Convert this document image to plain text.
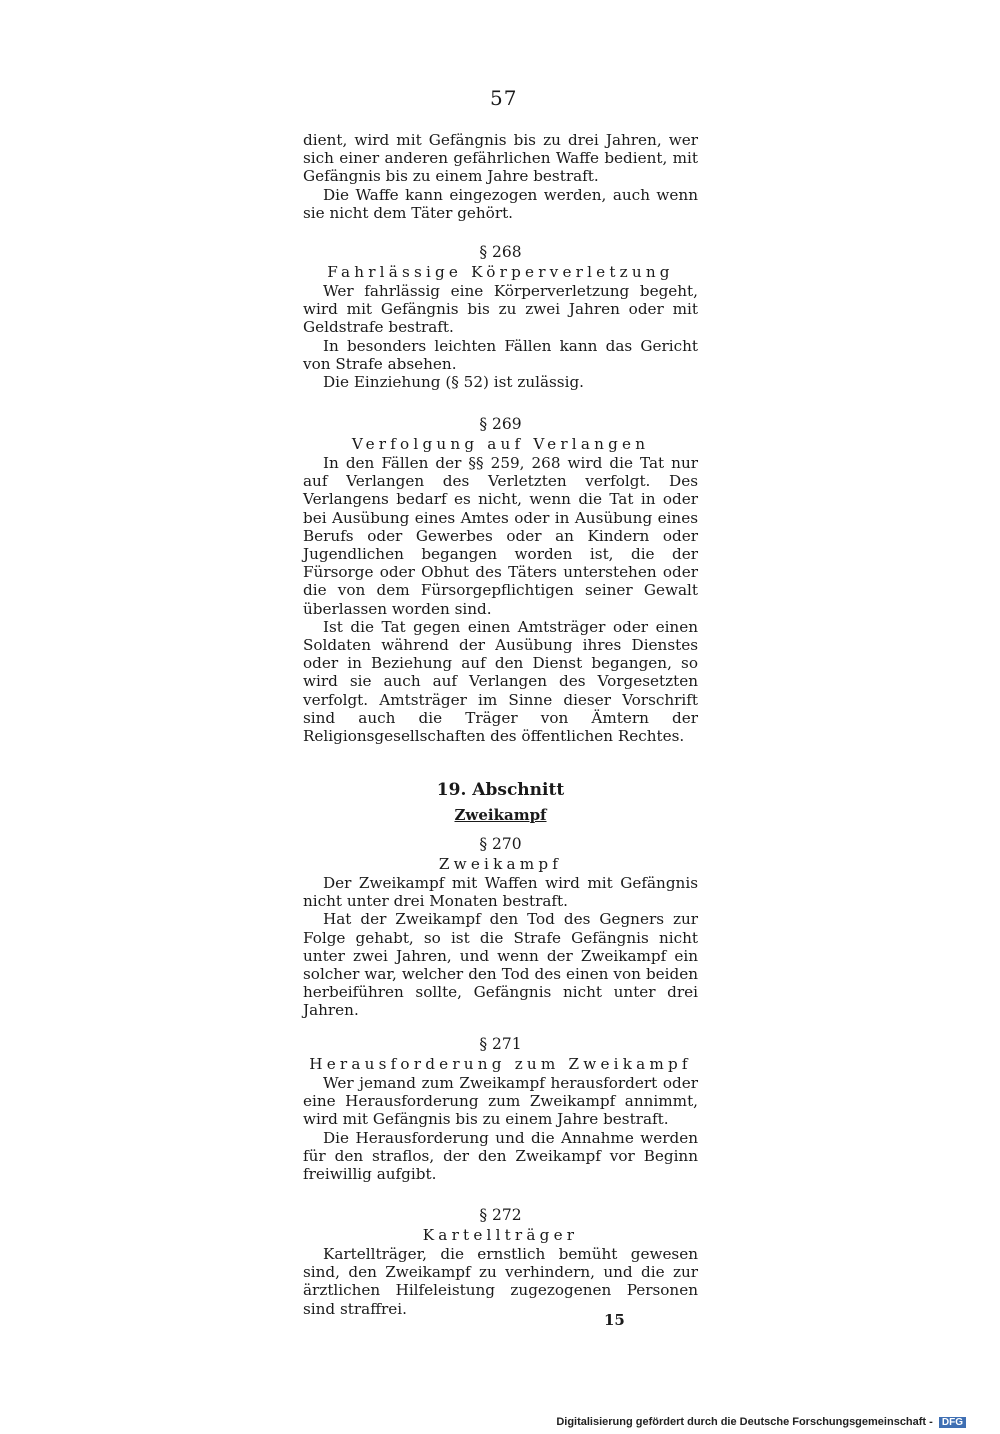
57

dient, wird mit Gefängnis bis zu drei Jahren, wer sich einer anderen gefährlichen Waffe bedient, mit Gefängnis bis zu einem Jahre bestraft.

Die Waffe kann eingezogen werden, auch wenn sie nicht dem Täter gehört.

§ 268
Fahrlässige Körperverletzung

Wer fahrlässig eine Körperverletzung begeht, wird mit Gefängnis bis zu zwei Jahren oder mit Geldstrafe bestraft.

In besonders leichten Fällen kann das Gericht von Strafe absehen.

Die Einziehung (§ 52) ist zulässig.

§ 269
Verfolgung auf Verlangen

In den Fällen der §§ 259, 268 wird die Tat nur auf Verlangen des Verletzten verfolgt. Des Verlangens bedarf es nicht, wenn die Tat in oder bei Ausübung eines Amtes oder in Ausübung eines Berufs oder Gewerbes oder an Kindern oder Jugendlichen begangen worden ist, die der Fürsorge oder Obhut des Täters unterstehen oder die von dem Fürsorgepflichtigen seiner Gewalt überlassen worden sind.

Ist die Tat gegen einen Amtsträger oder einen Soldaten während der Ausübung ihres Dienstes oder in Beziehung auf den Dienst begangen, so wird sie auch auf Verlangen des Vorgesetzten verfolgt. Amtsträger im Sinne dieser Vorschrift sind auch die Träger von Ämtern der Religionsgesellschaften des öffentlichen Rechtes.

19. Abschnitt
Zweikampf
§ 270
Zweikampf

Der Zweikampf mit Waffen wird mit Gefängnis nicht unter drei Monaten bestraft.

Hat der Zweikampf den Tod des Gegners zur Folge gehabt, so ist die Strafe Gefängnis nicht unter zwei Jahren, und wenn der Zweikampf ein solcher war, welcher den Tod des einen von beiden herbeiführen sollte, Gefängnis nicht unter drei Jahren.

§ 271
Herausforderung zum Zweikampf

Wer jemand zum Zweikampf herausfordert oder eine Herausforderung zum Zweikampf annimmt, wird mit Gefängnis bis zu einem Jahre bestraft.

Die Herausforderung und die Annahme werden für den straflos, der den Zweikampf vor Beginn freiwillig aufgibt.

§ 272
Kartellträger

Kartellträger, die ernstlich bemüht gewesen sind, den Zweikampf zu verhindern, und die zur ärztlichen Hilfeleistung zugezogenen Personen sind straffrei.

15
Digitalisierung gefördert durch die Deutsche Forschungsgemeinschaft - DFG
